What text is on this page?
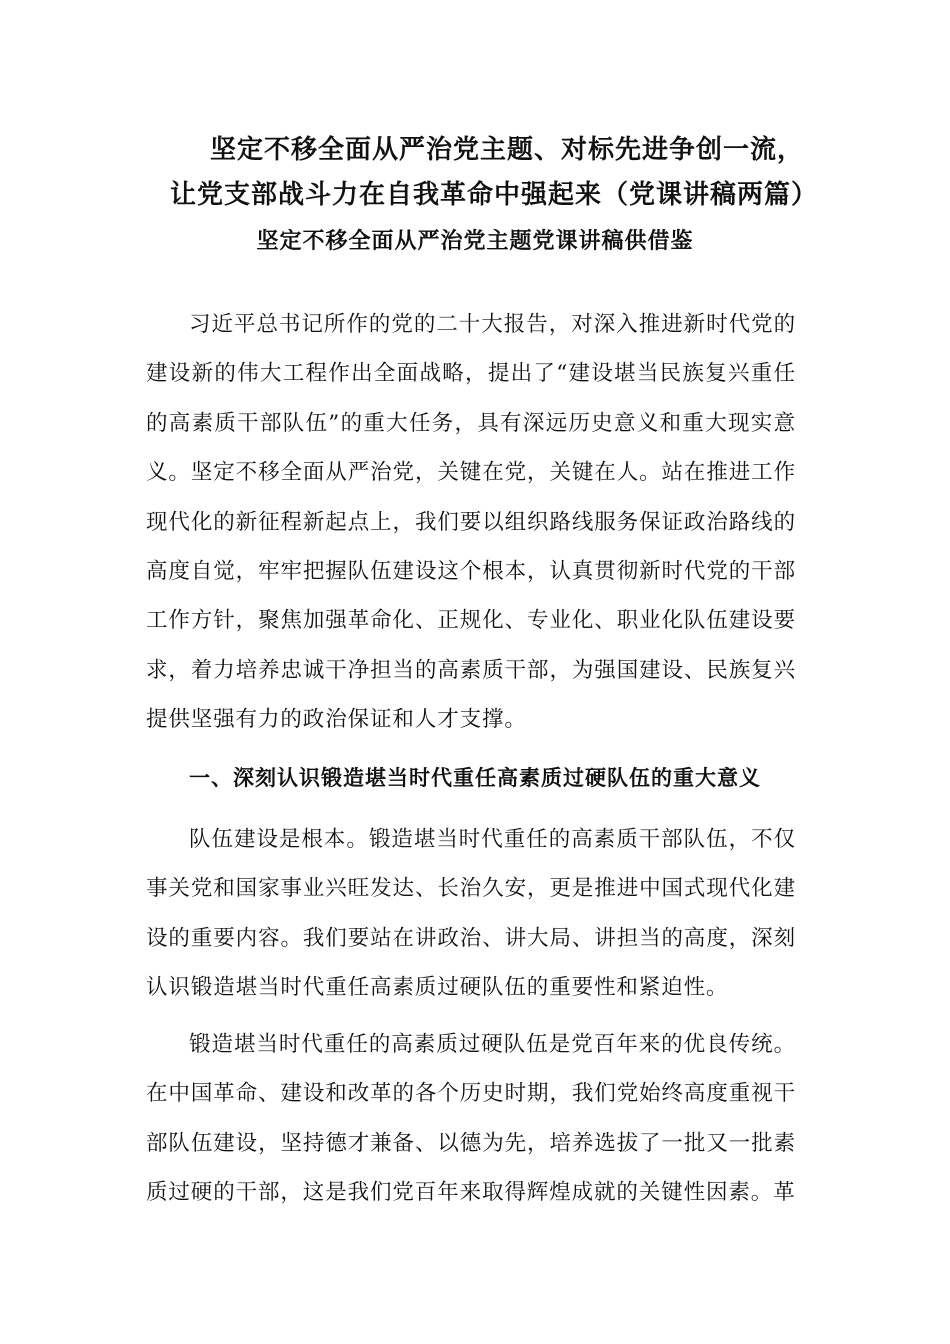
坚定不移全面从严治党主题、对标先进争创一流，让党支部战斗力在自我革命中强起来（党课讲稿两篇）
坚定不移全面从严治党主题党课讲稿供借鉴

习近平总书记所作的党的二十大报告，对深入推进新时代党的建设新的伟大工程作出全面战略，提出了“建设堪当民族复兴重任的高素质干部队伍”的重大任务，具有深远历史意义和重大现实意义。坚定不移全面从严治党，关键在党，关键在人。站在推进工作现代化的新征程新起点上，我们要以组织路线服务保证政治路线的高度自觉，牢牢把握队伍建设这个根本，认真贯彻新时代党的干部工作方针，聚焦加强革命化、正规化、专业化、职业化队伍建设要求，着力培养忠诚干净担当的高素质干部，为强国建设、民族复兴提供坚强有力的政治保证和人才支撑。

一、深刻认识锻造堪当时代重任高素质过硬队伍的重大意义

队伍建设是根本。锻造堪当时代重任的高素质干部队伍，不仅事关党和国家事业兴旺发达、长治久安，更是推进中国式现代化建设的重要内容。我们要站在讲政治、讲大局、讲担当的高度，深刻认识锻造堪当时代重任高素质过硬队伍的重要性和紧迫性。

锻造堪当时代重任的高素质过硬队伍是党百年来的优良传统。在中国革命、建设和改革的各个历史时期，我们党始终高度重视干部队伍建设，坚持德才兼备、以德为先，培养选拔了一批又一批素质过硬的干部，这是我们党百年来取得辉煌成就的关键性因素。革
